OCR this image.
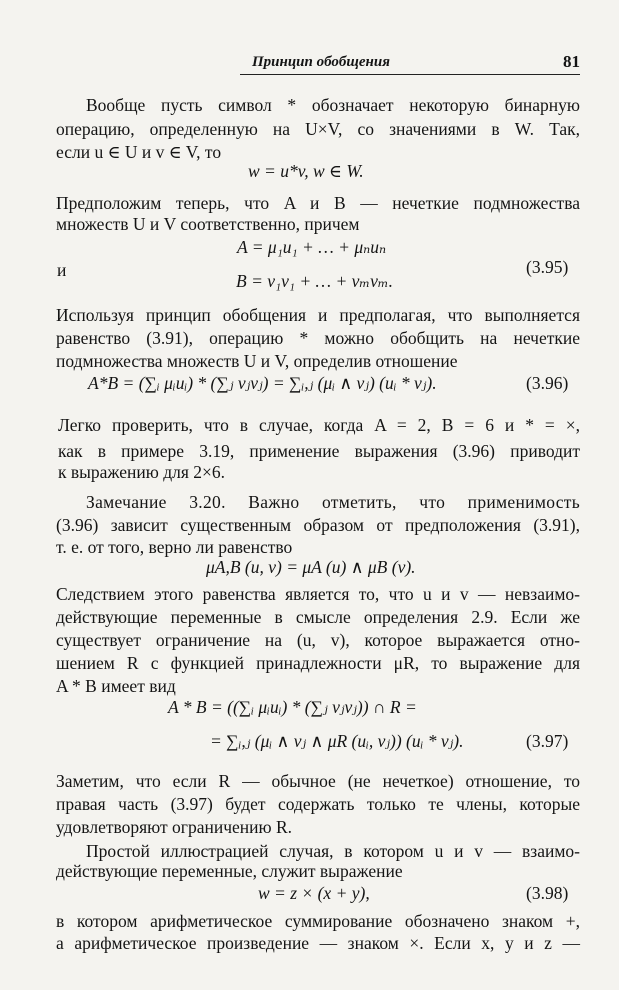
Принцип обобщения	81
Вообще пусть символ * обозначает некоторую бинарную
операцию, определенную на U×V, со значениями в W. Так,
если u ∈ U и v ∈ V, то
w = u*v, w ∈ W.
Предположим теперь, что A и B — нечеткие подмножества
множеств U и V соответственно, причем
A = μ₁u₁ + … + μₙuₙ
и	(3.95)
B = ν₁v₁ + … + νₘvₘ.
Используя принцип обобщения и предполагая, что выполняется
равенство (3.91), операцию * можно обобщить на нечеткие
подмножества множеств U и V, определив отношение
A*B = (∑ᵢ μᵢuᵢ) * (∑ⱼ νⱼvⱼ) = ∑ᵢ,ⱼ (μᵢ ∧ νⱼ) (uᵢ * vⱼ).	(3.96)
Легко проверить, что в случае, когда A = 2, B = 6 и * = ×,
как в примере 3.19, применение выражения (3.96) приводит
к выражению для 2×6.
Замечание 3.20. Важно отметить, что применимость
(3.96) зависит существенным образом от предположения (3.91),
т. е. от того, верно ли равенство
μA,B (u, v) = μA (u) ∧ μB (v).
Следствием этого равенства является то, что u и v — невзаимо-
действующие переменные в смысле определения 2.9. Если же
существует ограничение на (u, v), которое выражается отно-
шением R с функцией принадлежности μR, то выражение для
A * B имеет вид
A * B = ((∑ᵢ μᵢuᵢ) * (∑ⱼ νⱼvⱼ)) ∩ R =
= ∑ᵢ,ⱼ (μᵢ ∧ νⱼ ∧ μR (uᵢ, vⱼ)) (uᵢ * vⱼ).	(3.97)
Заметим, что если R — обычное (не нечеткое) отношение, то
правая часть (3.97) будет содержать только те члены, которые
удовлетворяют ограничению R.
Простой иллюстрацией случая, в котором u и v — взаимо-
действующие переменные, служит выражение
w = z × (x + y),	(3.98)
в котором арифметическое суммирование обозначено знаком +,
а арифметическое произведение — знаком ×. Если x, y и z —
